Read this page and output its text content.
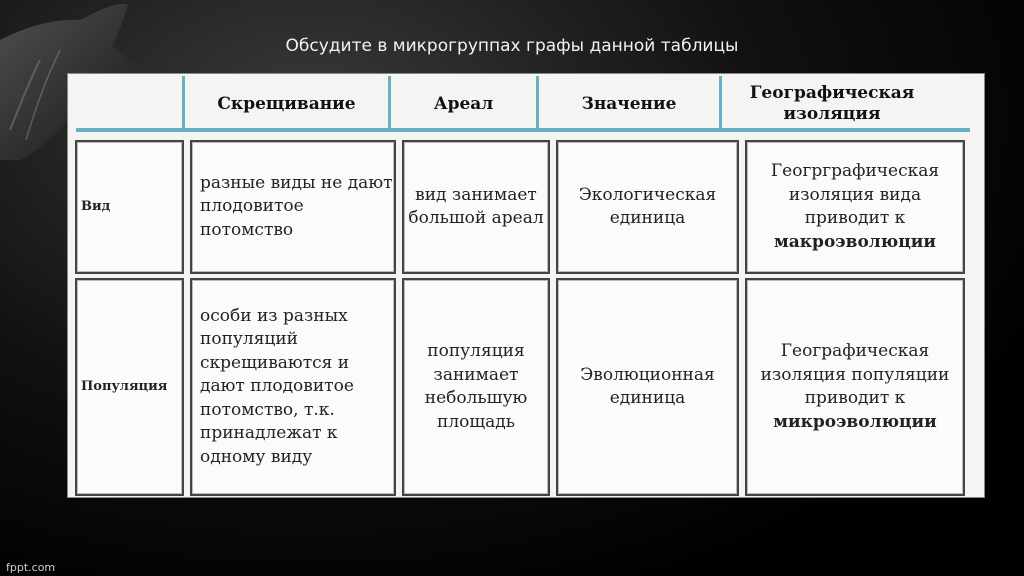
Обсудите в микрогруппах графы данной таблицы
Скрещивание	Ареал	Значение
Географическая изоляция
Вид
разные виды не дают плодовитое потомство
вид занимает большой ареал
Экологическая единица
Геогрграфическая изоляция вида приводит к макроэволюции
Популяция
особи из разных популяций скрещиваются и дают плодовитое потомство, т.к. принадлежат к одному виду
популяция занимает небольшую площадь
Эволюционная единица
Географическая изоляция популяции приводит к микроэволюции
fppt.com
